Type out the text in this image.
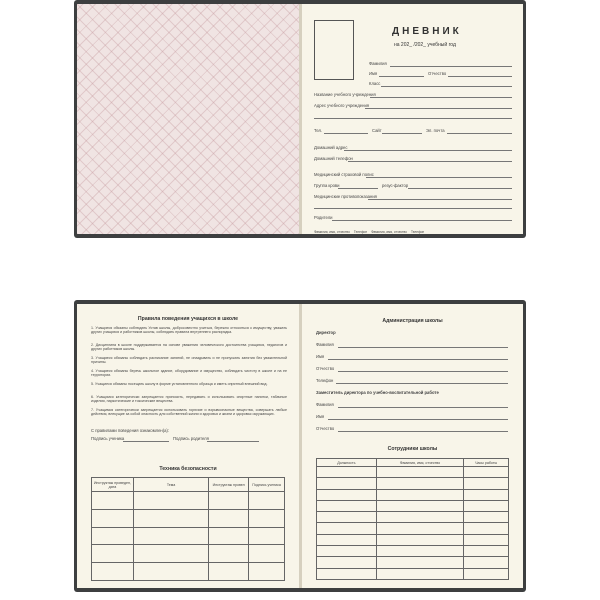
ДНЕВНИК
на 202_ /202_ учебный год
Фамилия
Имя	Отчество
Класс
Название учебного учреждения
Адрес учебного учреждения
Тел.	Сайт	Эл. почта
Домашний адрес
Домашний телефон
Медицинский страховой полис
Группа крови	резус-фактор
Медицинские противопоказания
Родители
Фамилия, имя, отчество Телефон Фамилия, имя, отчество Телефон
Правила поведения учащихся в школе
1. Учащиеся обязаны соблюдать Устав школы, добросовестно учиться, бережно относиться к имуществу, уважать других учащихся и работников школы, соблюдать правила внутреннего распорядка.
2. Дисциплина в школе поддерживается на основе уважения человеческого достоинства учащихся, педагогов и других работников школы.
3. Учащиеся обязаны соблюдать расписание занятий, не опаздывать и не пропускать занятия без уважительной причины.
4. Учащиеся обязаны беречь школьное здание, оборудование и имущество, соблюдать чистоту в школе и на ее территории.
5. Учащиеся обязаны посещать школу в форме установленного образца и иметь опрятный внешний вид.
6. Учащимся категорически запрещается приносить, передавать и использовать спиртные напитки, табачные изделия, наркотические и токсические вещества.
7. Учащимся категорически запрещается использовать горючие и взрывоопасные вещества, совершать любые действия, влекущие за собой опасность для собственной жизни и здоровья и жизни и здоровья окружающих.
С правилами поведения ознакомлен(а):
Подпись ученика	Подпись родителя
Техника безопасности
Инструктаж проведен, дата	Тема	Инструктаж провел	Подпись ученика

Администрация школы
Директор
Фамилия
Имя
Отчество
Телефон
Заместитель директора по учебно-воспитательной работе
Фамилия
Имя
Отчество
Сотрудники школы
Должность	Фамилия, имя, отчество	Часы работы
